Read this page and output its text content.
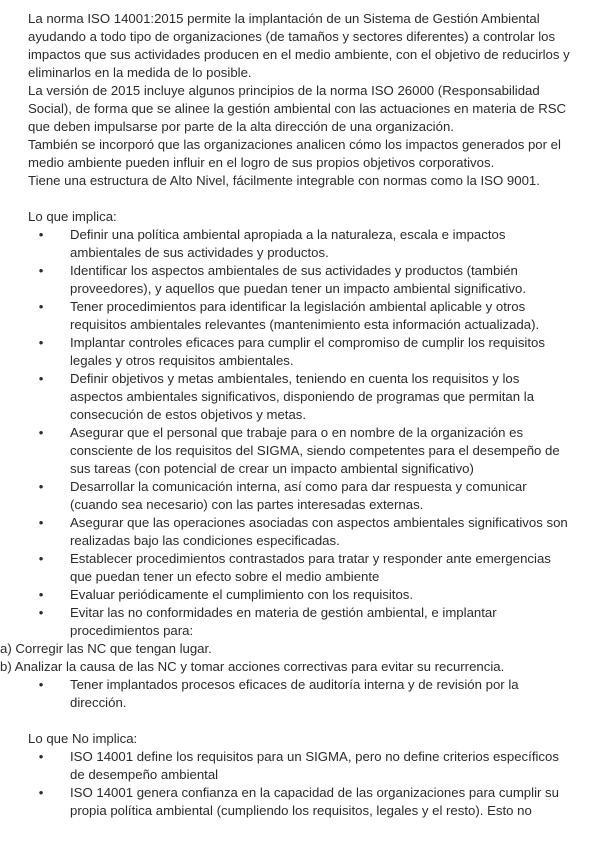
La norma ISO 14001:2015 permite la implantación de un Sistema de Gestión Ambiental ayudando a todo tipo de organizaciones (de tamaños y sectores diferentes) a controlar los impactos que sus actividades producen en el medio ambiente, con el objetivo de reducirlos y eliminarlos en la medida de lo posible.

La versión de 2015 incluye algunos principios de la norma ISO 26000 (Responsabilidad Social), de forma que se alinee la gestión ambiental con las actuaciones en materia de RSC que deben impulsarse por parte de la alta dirección de una organización.

También se incorporó que las organizaciones analicen cómo los impactos generados por el medio ambiente pueden influir en el logro de sus propios objetivos corporativos.

Tiene una estructura de Alto Nivel, fácilmente integrable con normas como la ISO 9001.

Lo que implica:

• Definir una política ambiental apropiada a la naturaleza, escala e impactos ambientales de sus actividades y productos.
• Identificar los aspectos ambientales de sus actividades y productos (también proveedores), y aquellos que puedan tener un impacto ambiental significativo.
• Tener procedimientos para identificar la legislación ambiental aplicable y otros requisitos ambientales relevantes (mantenimiento esta información actualizada).
• Implantar controles eficaces para cumplir el compromiso de cumplir los requisitos legales y otros requisitos ambientales.
• Definir objetivos y metas ambientales, teniendo en cuenta los requisitos y los aspectos ambientales significativos, disponiendo de programas que permitan la consecución de estos objetivos y metas.
• Asegurar que el personal que trabaje para o en nombre de la organización es consciente de los requisitos del SIGMA, siendo competentes para el desempeño de sus tareas (con potencial de crear un impacto ambiental significativo)
• Desarrollar la comunicación interna, así como para dar respuesta y comunicar (cuando sea necesario) con las partes interesadas externas.
• Asegurar que las operaciones asociadas con aspectos ambientales significativos son realizadas bajo las condiciones especificadas.
• Establecer procedimientos contrastados para tratar y responder ante emergencias que puedan tener un efecto sobre el medio ambiente
• Evaluar periódicamente el cumplimiento con los requisitos.
• Evitar las no conformidades en materia de gestión ambiental, e implantar procedimientos para:

a) Corregir las NC que tengan lugar.

b) Analizar la causa de las NC y tomar acciones correctivas para evitar su recurrencia.

• Tener implantados procesos eficaces de auditoría interna y de revisión por la dirección.

Lo que No implica:

• ISO 14001 define los requisitos para un SIGMA, pero no define criterios específicos de desempeño ambiental
• ISO 14001 genera confianza en la capacidad de las organizaciones para cumplir su propia política ambiental (cumpliendo los requisitos, legales y el resto). Esto no
